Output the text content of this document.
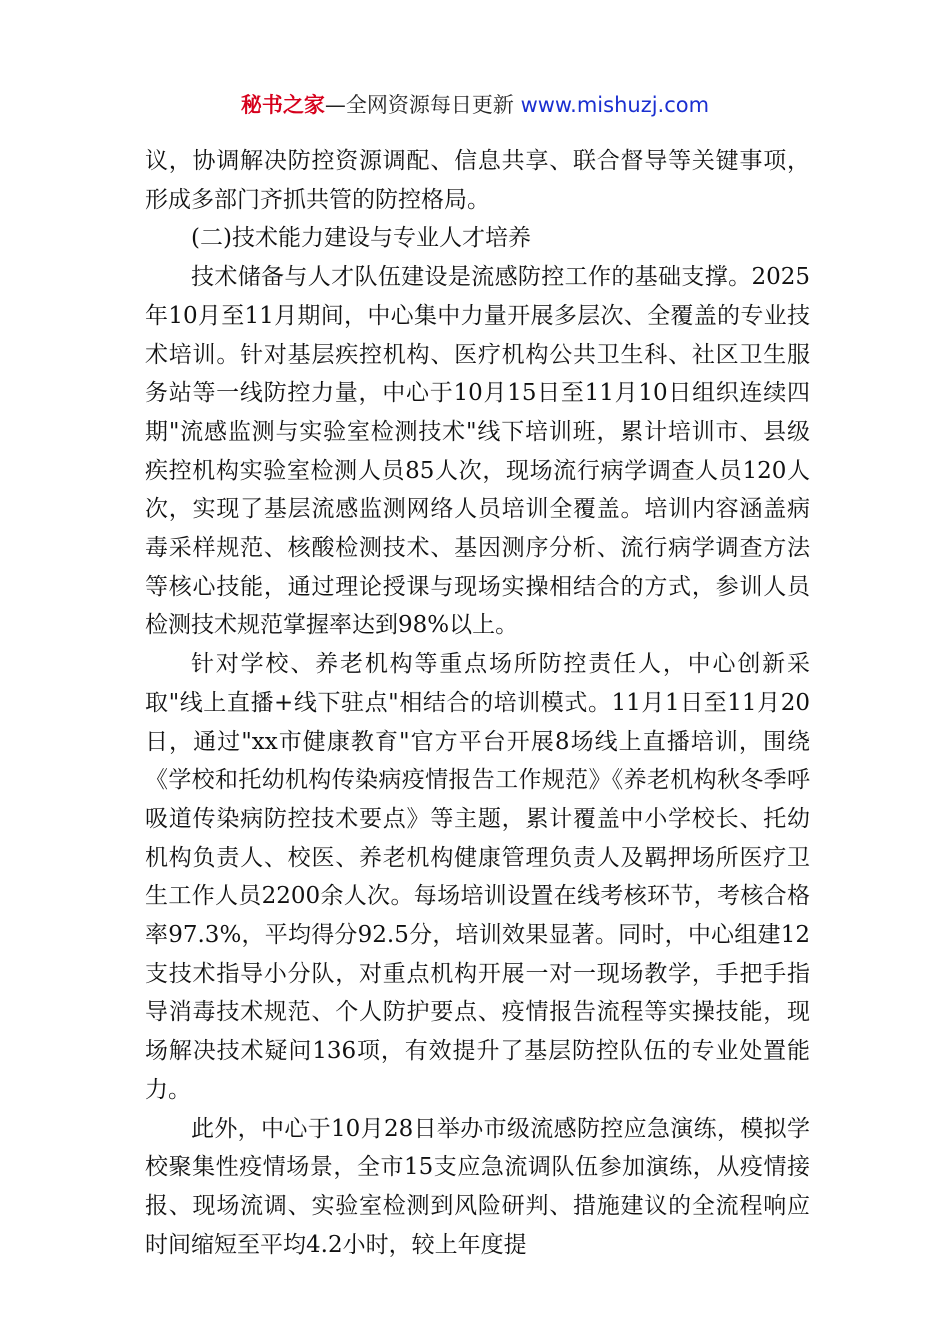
秘书之家—全网资源每日更新 www.mishuzj.com

议，协调解决防控资源调配、信息共享、联合督导等关键事项，形成多部门齐抓共管的防控格局。

(二)技术能力建设与专业人才培养

技术储备与人才队伍建设是流感防控工作的基础支撑。2025年10月至11月期间，中心集中力量开展多层次、全覆盖的专业技术培训。针对基层疾控机构、医疗机构公共卫生科、社区卫生服务站等一线防控力量，中心于10月15日至11月10日组织连续四期"流感监测与实验室检测技术"线下培训班，累计培训市、县级疾控机构实验室检测人员85人次，现场流行病学调查人员120人次，实现了基层流感监测网络人员培训全覆盖。培训内容涵盖病毒采样规范、核酸检测技术、基因测序分析、流行病学调查方法等核心技能，通过理论授课与现场实操相结合的方式，参训人员检测技术规范掌握率达到98%以上。

针对学校、养老机构等重点场所防控责任人，中心创新采取"线上直播+线下驻点"相结合的培训模式。11月1日至11月20日，通过"xx市健康教育"官方平台开展8场线上直播培训，围绕《学校和托幼机构传染病疫情报告工作规范》《养老机构秋冬季呼吸道传染病防控技术要点》等主题，累计覆盖中小学校长、托幼机构负责人、校医、养老机构健康管理负责人及羁押场所医疗卫生工作人员2200余人次。每场培训设置在线考核环节，考核合格率97.3%，平均得分92.5分，培训效果显著。同时，中心组建12支技术指导小分队，对重点机构开展一对一现场教学，手把手指导消毒技术规范、个人防护要点、疫情报告流程等实操技能，现场解决技术疑问136项，有效提升了基层防控队伍的专业处置能力。

此外，中心于10月28日举办市级流感防控应急演练，模拟学校聚集性疫情场景，全市15支应急流调队伍参加演练，从疫情接报、现场流调、实验室检测到风险研判、措施建议的全流程响应时间缩短至平均4.2小时，较上年度提
